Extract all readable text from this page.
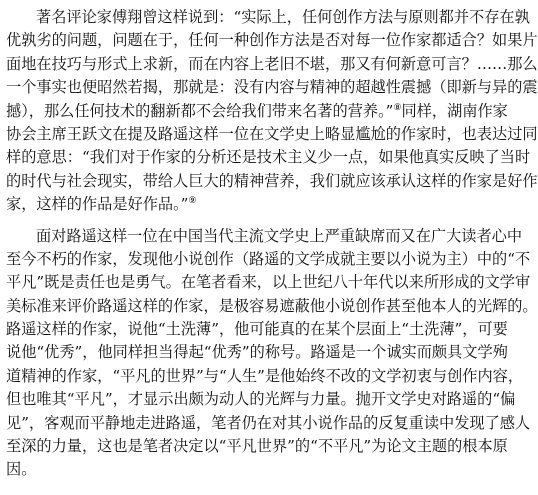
著名评论家傅翔曾这样说到：“实际上，任何创作方法与原则都并不存在孰
优孰劣的问题，问题在于，任何一种创作方法是否对每一位作家都适合？如果片
面地在技巧与形式上求新，而在内容上老旧不堪，那又有何新意可言？……那么
一个事实也便昭然若揭，那就是：没有内容与精神的超越性震撼（即新与异的震
撼），那么任何技术的翻新都不会给我们带来名著的营养。”⑧同样，湖南作家
协会主席王跃文在提及路遥这样一位在文学史上略显尴尬的作家时，也表达过同
样的意思：“我们对于作家的分析还是技术主义少一点，如果他真实反映了当时
的时代与社会现实，带给人巨大的精神营养，我们就应该承认这样的作家是好作
家，这样的作品是好作品。”⑨
面对路遥这样一位在中国当代主流文学史上严重缺席而又在广大读者心中
至今不朽的作家，发现他小说创作（路遥的文学成就主要以小说为主）中的“不
平凡”既是责任也是勇气。在笔者看来，以上世纪八十年代以来所形成的文学审
美标准来评价路遥这样的作家，是极容易遮蔽他小说创作甚至他本人的光辉的。
路遥这样的作家，说他“土洗薄”，他可能真的在某个层面上“土洗薄”，可要
说他“优秀”，他同样担当得起“优秀”的称号。路遥是一个诚实而颇具文学殉
道精神的作家，“平凡的世界”与“人生”是他始终不改的文学初衷与创作内容，
但也唯其“平凡”，才显示出颇为动人的光辉与力量。抛开文学史对路遥的“偏
见”，客观而平静地走进路遥，笔者仍在对其小说作品的反复重读中发现了感人
至深的力量，这也是笔者决定以“平凡世界”的“不平凡”为论文主题的根本原
因。
